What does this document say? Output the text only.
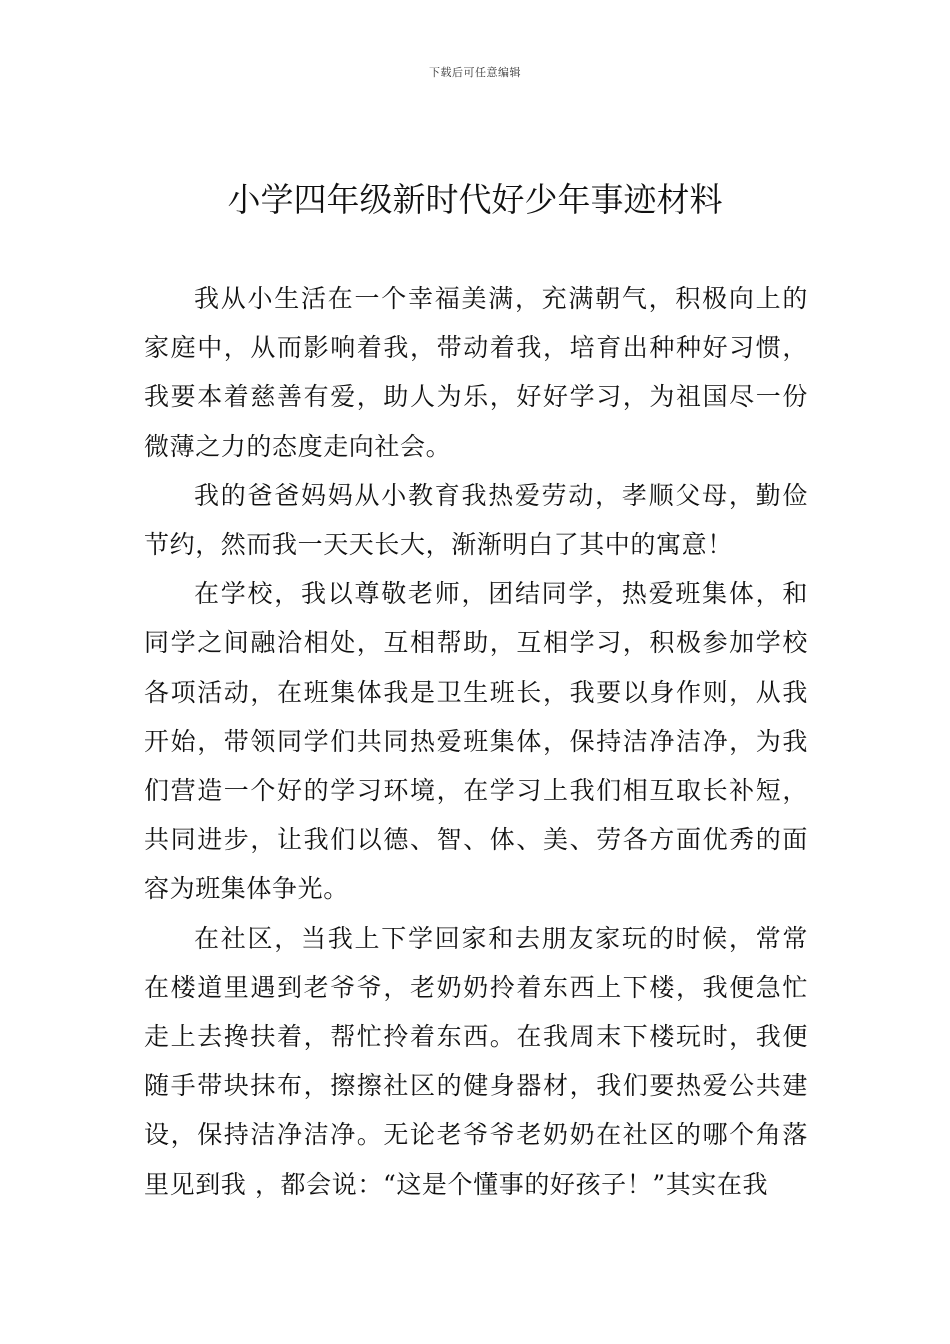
下载后可任意编辑
小学四年级新时代好少年事迹材料

我从小生活在一个幸福美满，充满朝气，积极向上的家庭中，从而影响着我，带动着我，培育出种种好习惯，我要本着慈善有爱，助人为乐，好好学习，为祖国尽一份微薄之力的态度走向社会。

我的爸爸妈妈从小教育我热爱劳动，孝顺父母，勤俭节约，然而我一天天长大，渐渐明白了其中的寓意！

在学校，我以尊敬老师，团结同学，热爱班集体，和同学之间融洽相处，互相帮助，互相学习，积极参加学校各项活动，在班集体我是卫生班长，我要以身作则，从我开始，带领同学们共同热爱班集体，保持洁净洁净，为我们营造一个好的学习环境，在学习上我们相互取长补短，共同进步，让我们以德、智、体、美、劳各方面优秀的面容为班集体争光。

在社区，当我上下学回家和去朋友家玩的时候，常常在楼道里遇到老爷爷，老奶奶拎着东西上下楼，我便急忙走上去搀扶着，帮忙拎着东西。在我周末下楼玩时，我便随手带块抹布，擦擦社区的健身器材，我们要热爱公共建设，保持洁净洁净。无论老爷爷老奶奶在社区的哪个角落里见到我 ，都会说：“这是个懂事的好孩子！”其实在我
